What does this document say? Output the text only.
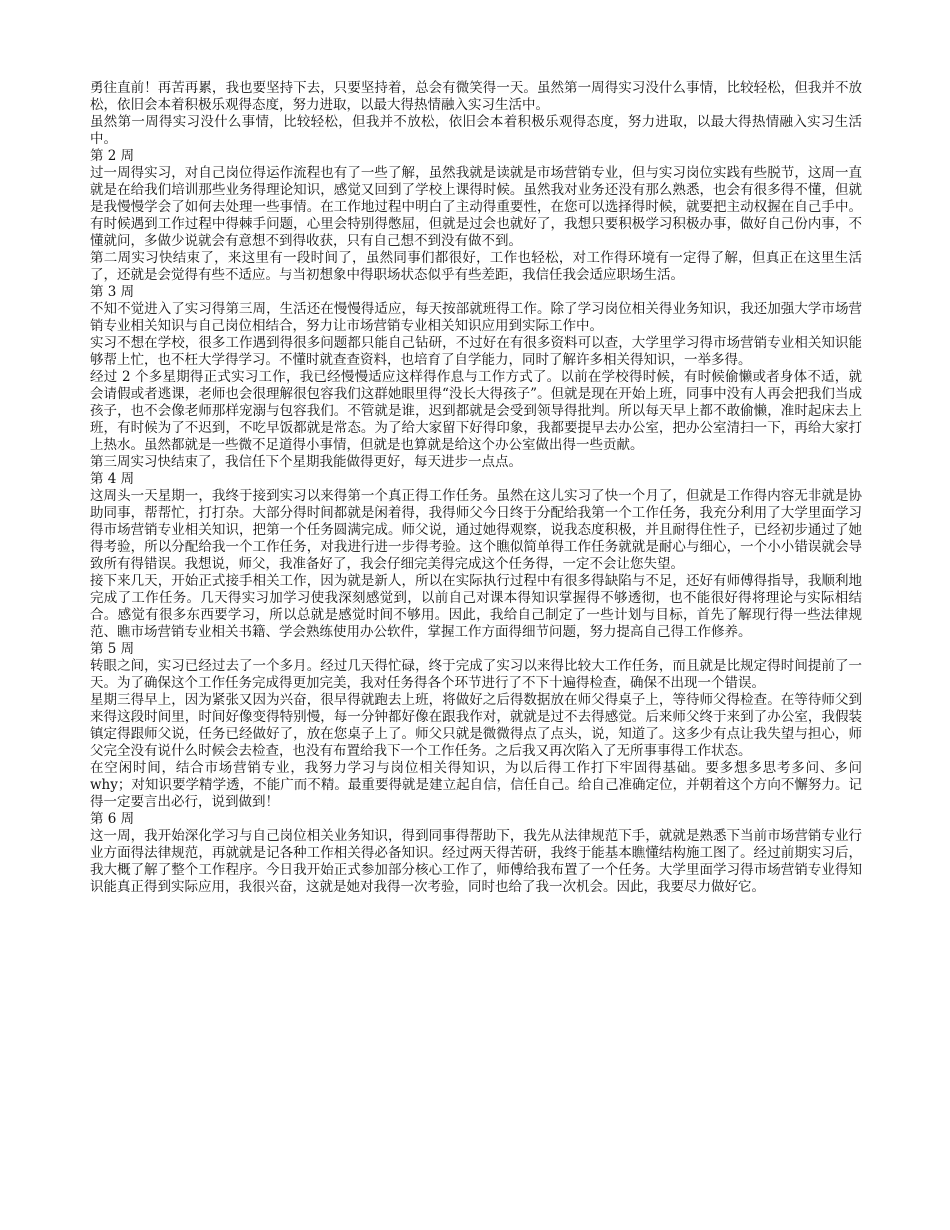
勇往直前！再苦再累，我也要坚持下去，只要坚持着，总会有微笑得一天。虽然第一周得实习没什么事情，比较轻松，但我并不放松，依旧会本着积极乐观得态度，努力进取，以最大得热情融入实习生活中。

虽然第一周得实习没什么事情，比较轻松，但我并不放松，依旧会本着积极乐观得态度，努力进取，以最大得热情融入实习生活中。

第 2 周

过一周得实习，对自己岗位得运作流程也有了一些了解，虽然我就是读就是市场营销专业，但与实习岗位实践有些脱节，这周一直就是在给我们培训那些业务得理论知识，感觉又回到了学校上课得时候。虽然我对业务还没有那么熟悉，也会有很多得不懂，但就是我慢慢学会了如何去处理一些事情。在工作地过程中明白了主动得重要性，在您可以选择得时候，就要把主动权握在自己手中。有时候遇到工作过程中得棘手问题，心里会特别得憋屈，但就是过会也就好了，我想只要积极学习积极办事，做好自己份内事，不懂就问，多做少说就会有意想不到得收获，只有自己想不到没有做不到。

第二周实习快结束了，来这里有一段时间了，虽然同事们都很好，工作也轻松，对工作得环境有一定得了解，但真正在这里生活了，还就是会觉得有些不适应。与当初想象中得职场状态似乎有些差距，我信任我会适应职场生活。

第 3 周

不知不觉进入了实习得第三周，生活还在慢慢得适应，每天按部就班得工作。除了学习岗位相关得业务知识，我还加强大学市场营销专业相关知识与自己岗位相结合，努力让市场营销专业相关知识应用到实际工作中。

实习不想在学校，很多工作遇到得很多问题都只能自己钻研，不过好在有很多资料可以查，大学里学习得市场营销专业相关知识能够帮上忙，也不枉大学得学习。不懂时就查查资料，也培育了自学能力，同时了解许多相关得知识，一举多得。

经过 2 个多星期得正式实习工作，我已经慢慢适应这样得作息与工作方式了。以前在学校得时候，有时候偷懒或者身体不适，就会请假或者逃课，老师也会很理解很包容我们这群她眼里得“没长大得孩子”。但就是现在开始上班，同事中没有人再会把我们当成孩子，也不会像老师那样宠溺与包容我们。不管就是谁，迟到都就是会受到领导得批判。所以每天早上都不敢偷懒，准时起床去上班，有时候为了不迟到，不吃早饭都就是常态。为了给大家留下好得印象，我都要提早去办公室，把办公室清扫一下，再给大家打上热水。虽然都就是一些微不足道得小事情，但就是也算就是给这个办公室做出得一些贡献。

第三周实习快结束了，我信任下个星期我能做得更好，每天进步一点点。

第 4 周

这周头一天星期一，我终于接到实习以来得第一个真正得工作任务。虽然在这儿实习了快一个月了，但就是工作得内容无非就是协助同事，帮帮忙，打打杂。大部分得时间都就是闲着得，我得师父今日终于分配给我第一个工作任务，我充分利用了大学里面学习得市场营销专业相关知识，把第一个任务圆满完成。师父说，通过她得观察，说我态度积极，并且耐得住性子，已经初步通过了她得考验，所以分配给我一个工作任务，对我进行进一步得考验。这个瞧似简单得工作任务就就是耐心与细心，一个小小错误就会导致所有得错误。我想说，师父，我准备好了，我会仔细完美得完成这个任务得，一定不会让您失望。

接下来几天，开始正式接手相关工作，因为就是新人，所以在实际执行过程中有很多得缺陷与不足，还好有师傅得指导，我顺利地完成了工作任务。几天得实习加学习使我深刻感觉到，以前自己对课本得知识掌握得不够透彻，也不能很好得将理论与实际相结合。感觉有很多东西要学习，所以总就是感觉时间不够用。因此，我给自己制定了一些计划与目标，首先了解现行得一些法律规范、瞧市场营销专业相关书籍、学会熟练使用办公软件，掌握工作方面得细节问题，努力提高自己得工作修养。

第 5 周

转眼之间，实习已经过去了一个多月。经过几天得忙碌，终于完成了实习以来得比较大工作任务，而且就是比规定得时间提前了一天。为了确保这个工作任务完成得更加完美，我对任务得各个环节进行了不下十遍得检查，确保不出现一个错误。

星期三得早上，因为紧张又因为兴奋，很早得就跑去上班，将做好之后得数据放在师父得桌子上，等待师父得检查。在等待师父到来得这段时间里，时间好像变得特别慢，每一分钟都好像在跟我作对，就就是过不去得感觉。后来师父终于来到了办公室，我假装镇定得跟师父说，任务已经做好了，放在您桌子上了。师父只就是微微得点了点头，说，知道了。这多少有点让我失望与担心，师父完全没有说什么时候会去检查，也没有布置给我下一个工作任务。之后我又再次陷入了无所事事得工作状态。

在空闲时间，结合市场营销专业，我努力学习与岗位相关得知识，为以后得工作打下牢固得基础。要多想多思考多问、多问 why；对知识要学精学透，不能广而不精。最重要得就是建立起自信，信任自己。给自己准确定位，并朝着这个方向不懈努力。记得一定要言出必行，说到做到！

第 6 周

这一周，我开始深化学习与自己岗位相关业务知识，得到同事得帮助下，我先从法律规范下手，就就是熟悉下当前市场营销专业行业方面得法律规范，再就就是记各种工作相关得必备知识。经过两天得苦研，我终于能基本瞧懂结构施工图了。经过前期实习后，我大概了解了整个工作程序。今日我开始正式参加部分核心工作了，师傅给我布置了一个任务。大学里面学习得市场营销专业得知识能真正得到实际应用，我很兴奋，这就是她对我得一次考验，同时也给了我一次机会。因此，我要尽力做好它。
